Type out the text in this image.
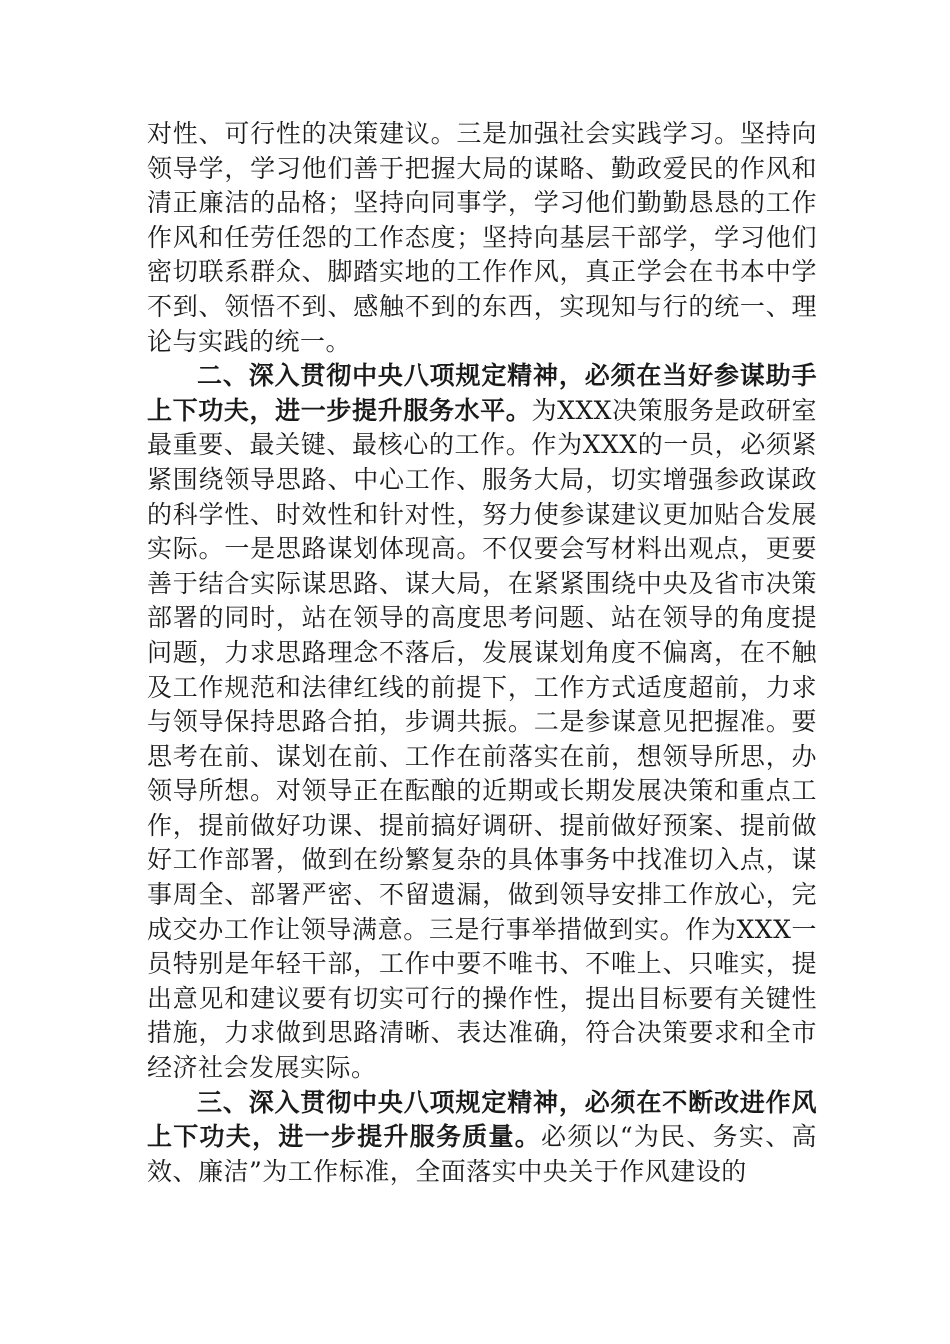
对性、可行性的决策建议。三是加强社会实践学习。坚持向领导学，学习他们善于把握大局的谋略、勤政爱民的作风和清正廉洁的品格；坚持向同事学，学习他们勤勤恳恳的工作作风和任劳任怨的工作态度；坚持向基层干部学，学习他们密切联系群众、脚踏实地的工作作风，真正学会在书本中学不到、领悟不到、感触不到的东西，实现知与行的统一、理论与实践的统一。

二、深入贯彻中央八项规定精神，必须在当好参谋助手上下功夫，进一步提升服务水平。为XXX决策服务是政研室最重要、最关键、最核心的工作。作为XXX的一员，必须紧紧围绕领导思路、中心工作、服务大局，切实增强参政谋政的科学性、时效性和针对性，努力使参谋建议更加贴合发展实际。一是思路谋划体现高。不仅要会写材料出观点，更要善于结合实际谋思路、谋大局，在紧紧围绕中央及省市决策部署的同时，站在领导的高度思考问题、站在领导的角度提问题，力求思路理念不落后，发展谋划角度不偏离，在不触及工作规范和法律红线的前提下，工作方式适度超前，力求与领导保持思路合拍，步调共振。二是参谋意见把握准。要思考在前、谋划在前、工作在前落实在前，想领导所思，办领导所想。对领导正在酝酿的近期或长期发展决策和重点工作，提前做好功课、提前搞好调研、提前做好预案、提前做好工作部署，做到在纷繁复杂的具体事务中找准切入点，谋事周全、部署严密、不留遗漏，做到领导安排工作放心，完成交办工作让领导满意。三是行事举措做到实。作为XXX一员特别是年轻干部，工作中要不唯书、不唯上、只唯实，提出意见和建议要有切实可行的操作性，提出目标要有关键性措施，力求做到思路清晰、表达准确，符合决策要求和全市经济社会发展实际。

三、深入贯彻中央八项规定精神，必须在不断改进作风上下功夫，进一步提升服务质量。必须以“为民、务实、高效、廉洁”为工作标准，全面落实中央关于作风建设的
